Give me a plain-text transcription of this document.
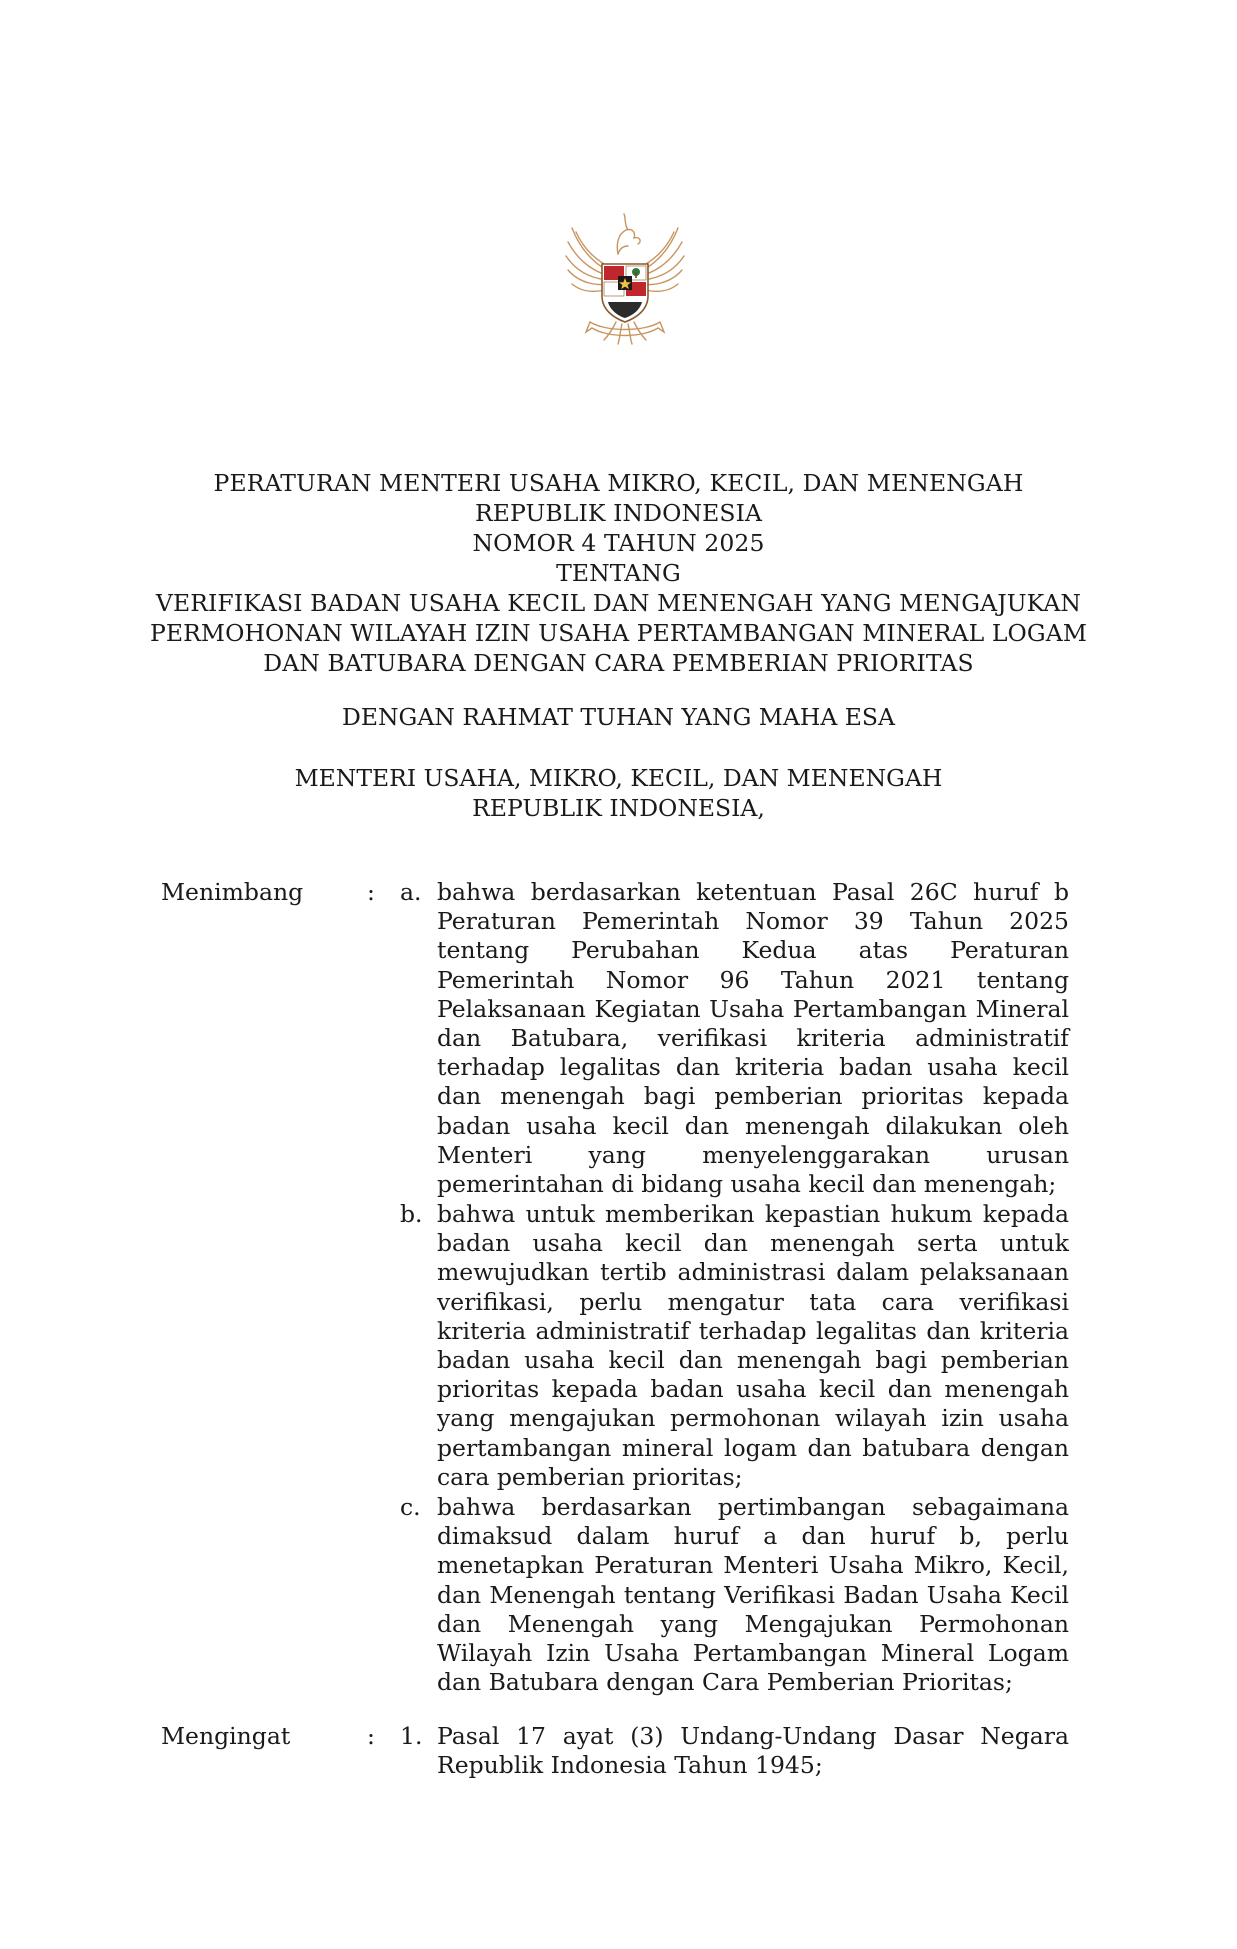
PERATURAN MENTERI USAHA MIKRO, KECIL, DAN MENENGAH
REPUBLIK INDONESIA
NOMOR 4 TAHUN 2025
TENTANG
VERIFIKASI BADAN USAHA KECIL DAN MENENGAH YANG MENGAJUKAN
PERMOHONAN WILAYAH IZIN USAHA PERTAMBANGAN MINERAL LOGAM
DAN BATUBARA DENGAN CARA PEMBERIAN PRIORITAS
DENGAN RAHMAT TUHAN YANG MAHA ESA
MENTERI USAHA, MIKRO, KECIL, DAN MENENGAH
REPUBLIK INDONESIA,
Menimbang	: a. bahwa berdasarkan ketentuan Pasal 26C huruf b Peraturan Pemerintah Nomor 39 Tahun 2025 tentang Perubahan Kedua atas Peraturan Pemerintah Nomor 96 Tahun 2021 tentang Pelaksanaan Kegiatan Usaha Pertambangan Mineral dan Batubara, verifikasi kriteria administratif terhadap legalitas dan kriteria badan usaha kecil dan menengah bagi pemberian prioritas kepada badan usaha kecil dan menengah dilakukan oleh Menteri yang menyelenggarakan urusan pemerintahan di bidang usaha kecil dan menengah;
b. bahwa untuk memberikan kepastian hukum kepada badan usaha kecil dan menengah serta untuk mewujudkan tertib administrasi dalam pelaksanaan verifikasi, perlu mengatur tata cara verifikasi kriteria administratif terhadap legalitas dan kriteria badan usaha kecil dan menengah bagi pemberian prioritas kepada badan usaha kecil dan menengah yang mengajukan permohonan wilayah izin usaha pertambangan mineral logam dan batubara dengan cara pemberian prioritas;
c. bahwa berdasarkan pertimbangan sebagaimana dimaksud dalam huruf a dan huruf b, perlu menetapkan Peraturan Menteri Usaha Mikro, Kecil, dan Menengah tentang Verifikasi Badan Usaha Kecil dan Menengah yang Mengajukan Permohonan Wilayah Izin Usaha Pertambangan Mineral Logam dan Batubara dengan Cara Pemberian Prioritas;
Mengingat	: 1. Pasal 17 ayat (3) Undang-Undang Dasar Negara Republik Indonesia Tahun 1945;
